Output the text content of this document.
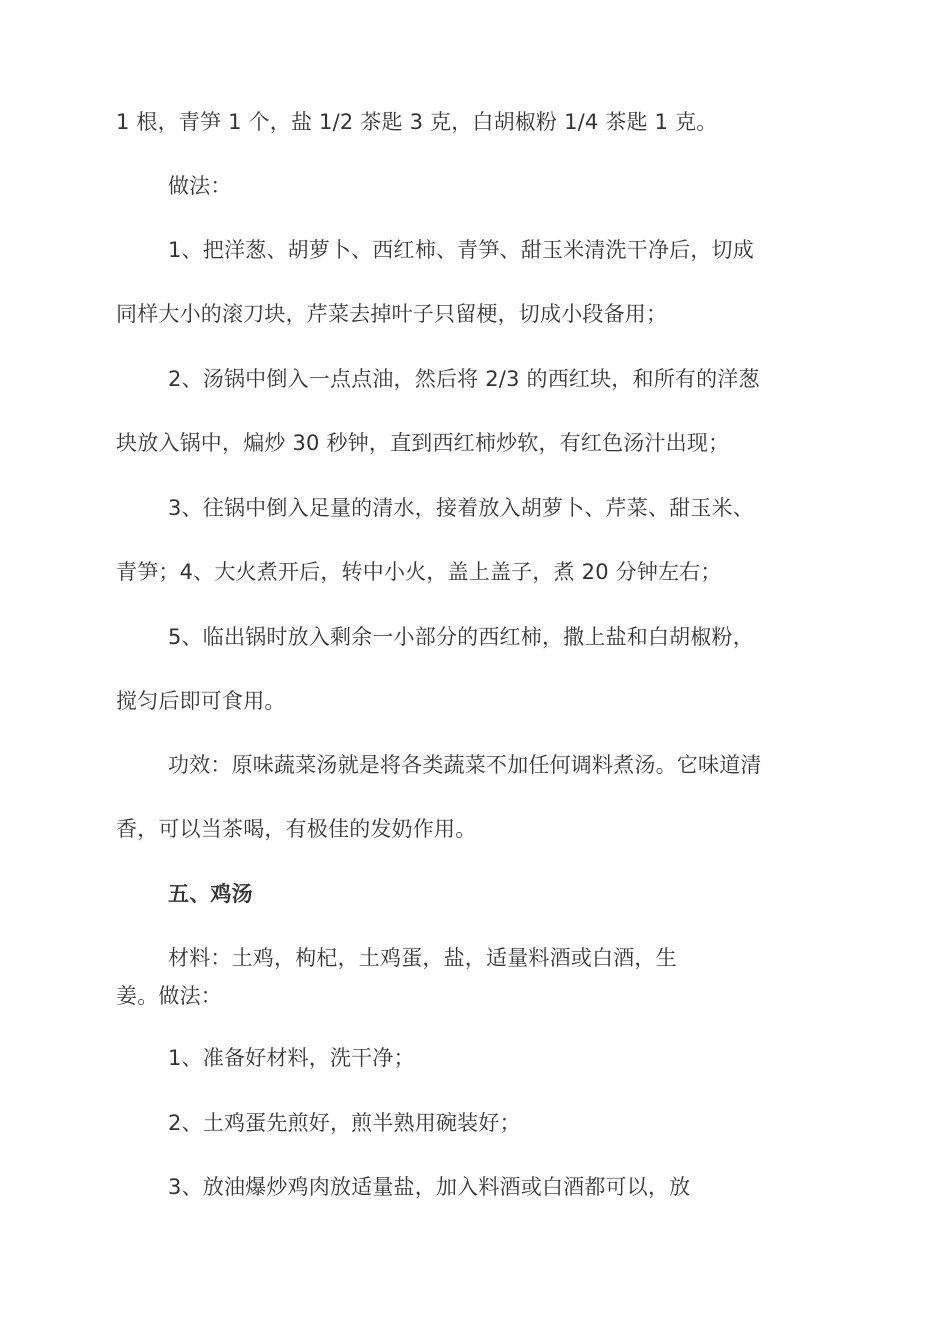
1 根，青笋 1 个，盐 1/2 茶匙 3 克，白胡椒粉 1/4 茶匙 1 克。
做法：
1、把洋葱、胡萝卜、西红柿、青笋、甜玉米清洗干净后，切成
同样大小的滚刀块，芹菜去掉叶子只留梗，切成小段备用；
2、汤锅中倒入一点点油，然后将 2/3 的西红块，和所有的洋葱
块放入锅中，煸炒 30 秒钟，直到西红柿炒软，有红色汤汁出现；
3、往锅中倒入足量的清水，接着放入胡萝卜、芹菜、甜玉米、
青笋；4、大火煮开后，转中小火，盖上盖子，煮 20 分钟左右；
5、临出锅时放入剩余一小部分的西红柿，撒上盐和白胡椒粉，
搅匀后即可食用。
功效：原味蔬菜汤就是将各类蔬菜不加任何调料煮汤。它味道清
香，可以当茶喝，有极佳的发奶作用。
五、鸡汤
材料：土鸡，枸杞，土鸡蛋，盐，适量料酒或白酒，生
姜。做法：
1、准备好材料，洗干净；
2、土鸡蛋先煎好，煎半熟用碗装好；
3、放油爆炒鸡肉放适量盐，加入料酒或白酒都可以，放
